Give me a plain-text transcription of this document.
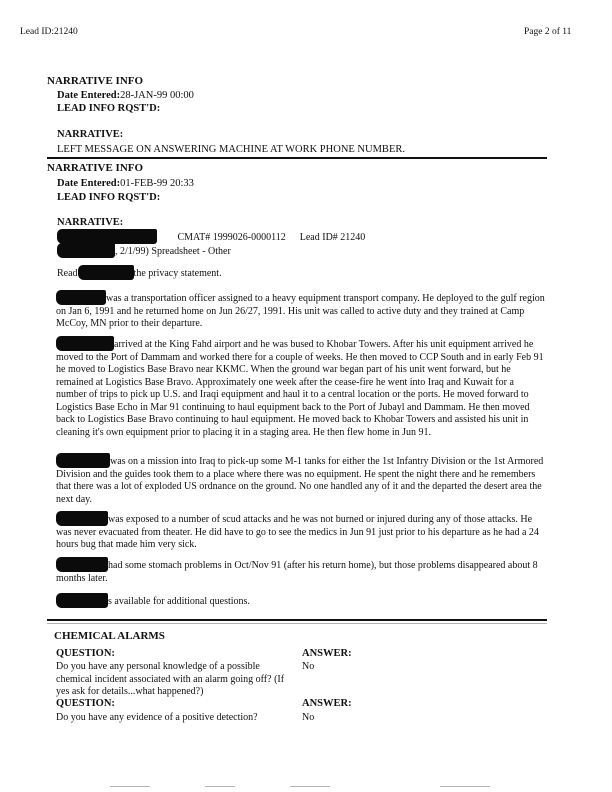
Lead ID:21240	Page 2 of 11
NARRATIVE INFO
Date Entered:28-JAN-99 00:00
LEAD INFO RQST'D:
NARRATIVE:
LEFT MESSAGE ON ANSWERING MACHINE AT WORK PHONE NUMBER.
NARRATIVE INFO
Date Entered:01-FEB-99 20:33
LEAD INFO RQST'D:
NARRATIVE:
CMAT# 1999026-0000112 Lead ID# 21240
, 2/1/99) Spreadsheet - Other
Read	the privacy statement.
was a transportation officer assigned to a heavy equipment transport company. He deployed to the gulf region on Jan 6, 1991 and he returned home on Jun 26/27, 1991. His unit was called to active duty and they trained at Camp McCoy, MN prior to their departure.
arrived at the King Fahd airport and he was bused to Khobar Towers. After his unit equipment arrived he moved to the Port of Dammam and worked there for a couple of weeks. He then moved to CCP South and in early Feb 91 he moved to Logistics Base Bravo near KKMC. When the ground war began part of his unit went forward, but he remained at Logistics Base Bravo. Approximately one week after the cease-fire he went into Iraq and Kuwait for a number of trips to pick up U.S. and Iraqi equipment and haul it to a central location or the ports. He moved forward to Logistics Base Echo in Mar 91 continuing to haul equipment back to the Port of Jubayl and Dammam. He then moved back to Logistics Base Bravo continuing to haul equipment. He moved back to Khobar Towers and assisted his unit in cleaning it's own equipment prior to placing it in a staging area. He then flew home in Jun 91.
was on a mission into Iraq to pick-up some M-1 tanks for either the 1st Infantry Division or the 1st Armored Division and the guides took them to a place where there was no equipment. He spent the night there and he remembers that there was a lot of exploded US ordnance on the ground. No one handled any of it and the departed the desert area the next day.
was exposed to a number of scud attacks and he was not burned or injured during any of those attacks. He was never evacuated from theater. He did have to go to see the medics in Jun 91 just prior to his departure as he had a 24 hours bug that made him very sick.
had some stomach problems in Oct/Nov 91 (after his return home), but those problems disappeared about 8 months later.
s available for additional questions.
CHEMICAL ALARMS
QUESTION:	ANSWER:
Do you have any personal knowledge of a possible chemical incident associated with an alarm going off? (If yes ask for details...what happened?)
No
QUESTION:	ANSWER:
Do you have any evidence of a positive detection?	No
